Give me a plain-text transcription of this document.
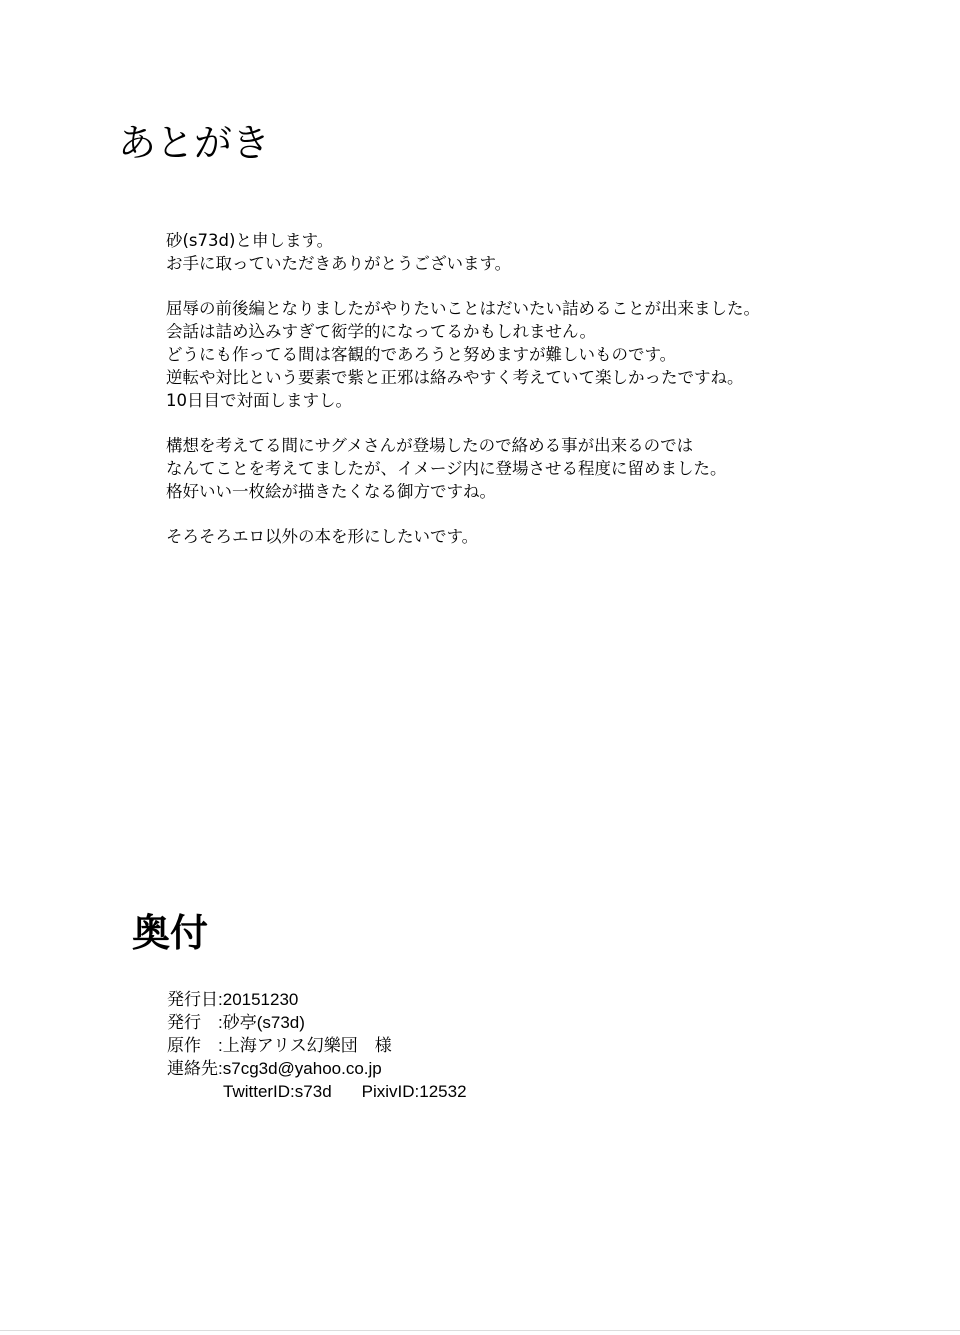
あとがき
砂(s73d)と申します。
お手に取っていただきありがとうございます。
屈辱の前後編となりましたがやりたいことはだいたい詰めることが出来ました。
会話は詰め込みすぎて衒学的になってるかもしれません。
どうにも作ってる間は客観的であろうと努めますが難しいものです。
逆転や対比という要素で紫と正邪は絡みやすく考えていて楽しかったですね。
10日目で対面しますし。
構想を考えてる間にサグメさんが登場したので絡める事が出来るのでは
なんてことを考えてましたが、イメージ内に登場させる程度に留めました。
格好いい一枚絵が描きたくなる御方ですね。
そろそろエロ以外の本を形にしたいです。
奥付
発行日:20151230
発行　:砂亭(s73d)
原作　:上海アリス幻樂団　様
連絡先:s7cg3d@yahoo.co.jp
TwitterID:s73d PixivID:12532
